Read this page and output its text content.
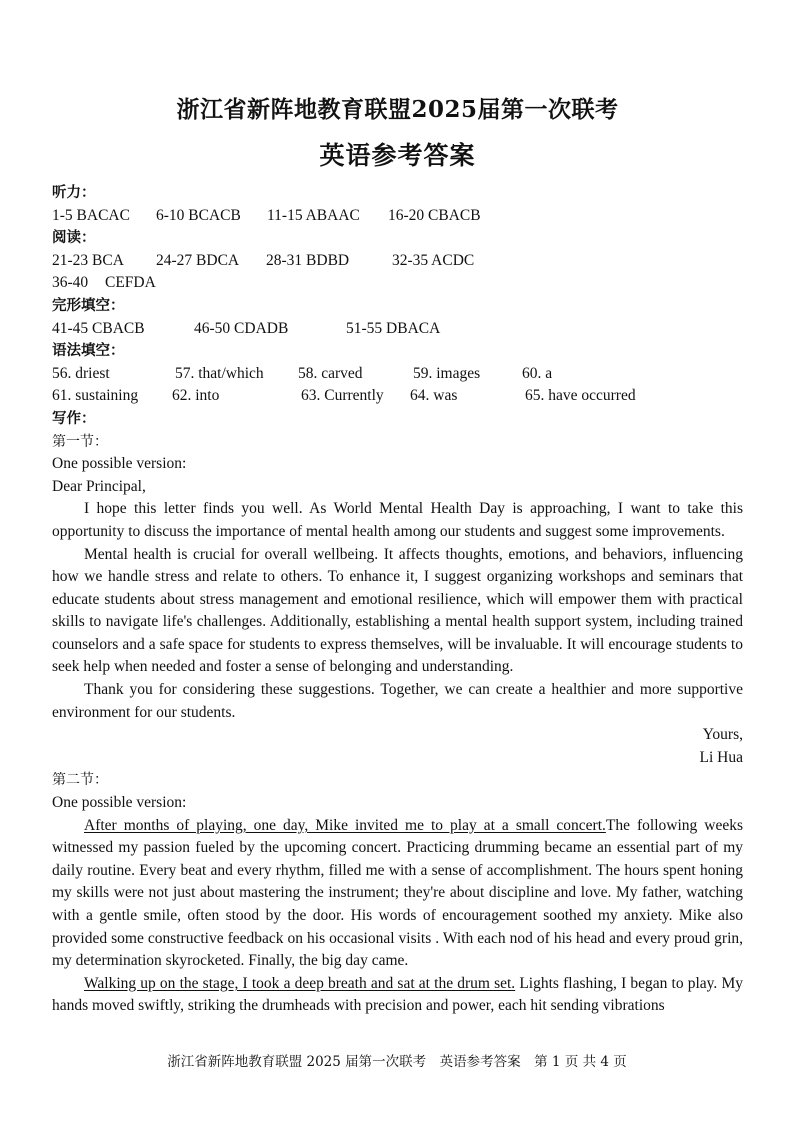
浙江省新阵地教育联盟2025届第一次联考
英语参考答案
听力：
1-5 BACAC 6-10 BCACB 11-15 ABAAC 16-20 CBACB
阅读：
21-23 BCA 24-27 BDCA 28-31 BDBD	32-35 ACDC
36-40 CEFDA
完形填空：
41-45 CBACB	46-50 CDADB	51-55 DBACA
语法填空：
56. driest	57. that/which 58. carved	59. images	60. a
61. sustaining 62. into	63. Currently 64. was	65. have occurred
写作：
第一节：
One possible version:
Dear Principal,

I hope this letter finds you well. As World Mental Health Day is approaching, I want to take this opportunity to discuss the importance of mental health among our students and suggest some improvements.

Mental health is crucial for overall wellbeing. It affects thoughts, emotions, and behaviors, influencing how we handle stress and relate to others. To enhance it, I suggest organizing workshops and seminars that educate students about stress management and emotional resilience, which will empower them with practical skills to navigate life's challenges. Additionally, establishing a mental health support system, including trained counselors and a safe space for students to express themselves, will be invaluable. It will encourage students to seek help when needed and foster a sense of belonging and understanding.

Thank you for considering these suggestions. Together, we can create a healthier and more supportive environment for our students.

Yours,
Li Hua
第二节：
One possible version:

After months of playing, one day, Mike invited me to play at a small concert.The following weeks witnessed my passion fueled by the upcoming concert. Practicing drumming became an essential part of my daily routine. Every beat and every rhythm, filled me with a sense of accomplishment. The hours spent honing my skills were not just about mastering the instrument; they're about discipline and love. My father, watching with a gentle smile, often stood by the door. His words of encouragement soothed my anxiety. Mike also provided some constructive feedback on his occasional visits . With each nod of his head and every proud grin, my determination skyrocketed. Finally, the big day came.

Walking up on the stage, I took a deep breath and sat at the drum set. Lights flashing, I began to play. My hands moved swiftly, striking the drumheads with precision and power, each hit sending vibrations

浙江省新阵地教育联盟 2025 届第一次联考　英语参考答案　第 1 页 共 4 页
